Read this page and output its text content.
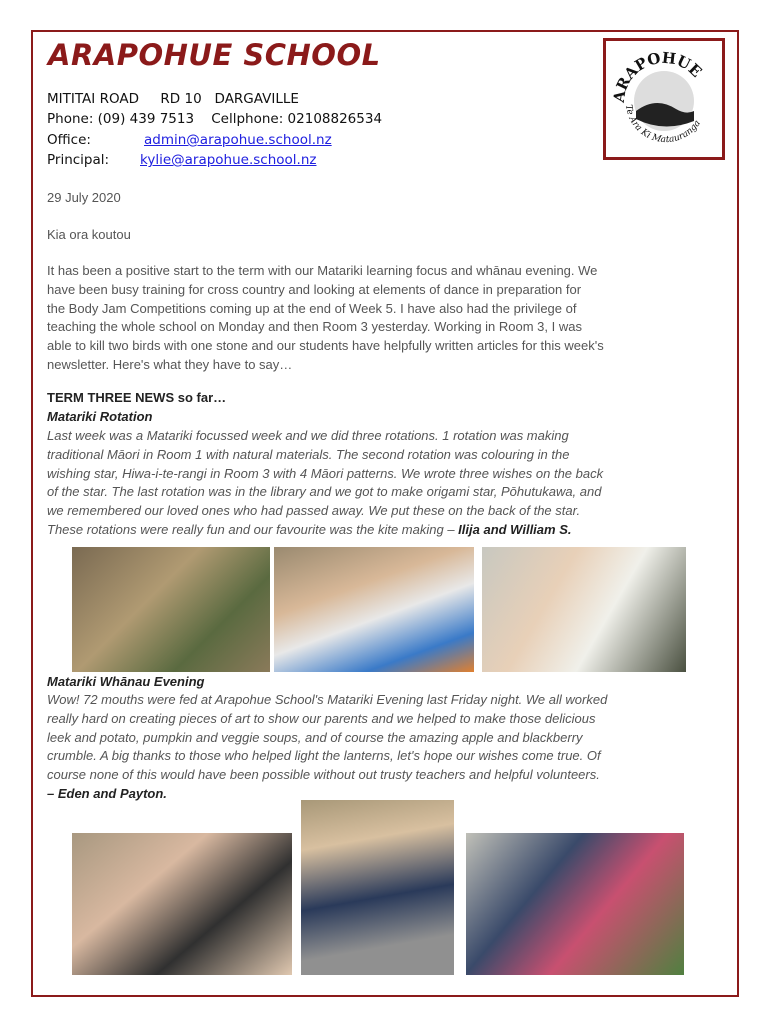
ARAPOHUE SCHOOL
MITITAI ROAD     RD 10   DARGAVILLE
Phone: (09) 439 7513    Cellphone: 02108826534
Office:	admin@arapohue.school.nz
Principal: kylie@arapohue.school.nz
ARAPOHUE
Te Ara Ki Matauranga
29 July 2020
Kia ora koutou
It has been a positive start to the term with our Matariki learning focus and whānau evening. We
have been busy training for cross country and looking at elements of dance in preparation for
the Body Jam Competitions coming up at the end of Week 5. I have also had the privilege of
teaching the whole school on Monday and then Room 3 yesterday. Working in Room 3, I was
able to kill two birds with one stone and our students have helpfully written articles for this week's
newsletter. Here's what they have to say…
TERM THREE NEWS so far…
Matariki Rotation
Last week was a Matariki focussed week and we did three rotations. 1 rotation was making
traditional Māori in Room 1 with natural materials. The second rotation was colouring in the
wishing star, Hiwa-i-te-rangi in Room 3 with 4 Māori patterns. We wrote three wishes on the back
of the star. The last rotation was in the library and we got to make origami star, Pōhutukawa, and
we remembered our loved ones who had passed away. We put these on the back of the star.
These rotations were really fun and our favourite was the kite making – Ilija and William S.
Matariki Whānau Evening
Wow! 72 mouths were fed at Arapohue School's Matariki Evening last Friday night. We all worked
really hard on creating pieces of art to show our parents and we helped to make those delicious
leek and potato, pumpkin and veggie soups, and of course the amazing apple and blackberry
crumble. A big thanks to those who helped light the lanterns, let's hope our wishes come true. Of
course none of this would have been possible without out trusty teachers and helpful volunteers.
– Eden and Payton.
